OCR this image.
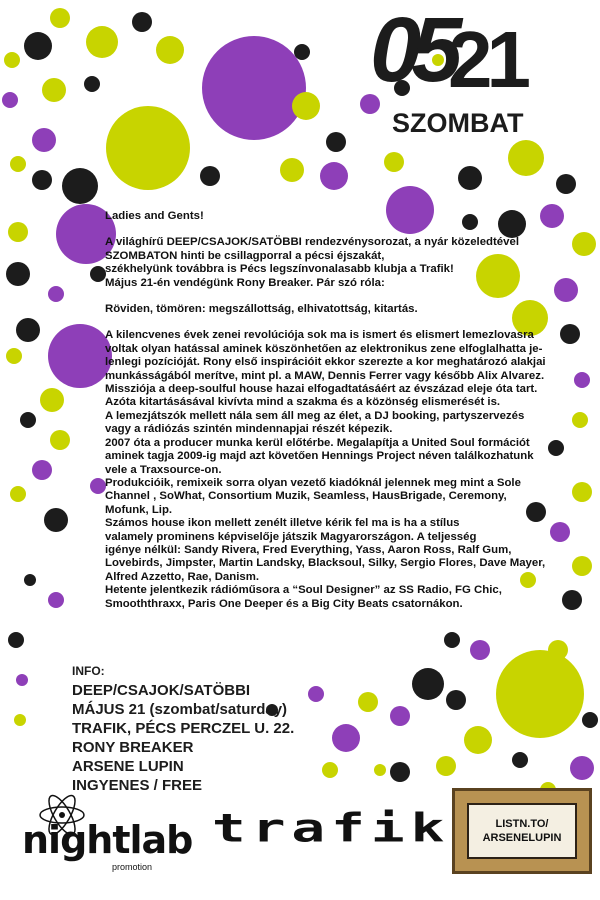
05
21
SZOMBAT

Ladies and Gents!

A világhírű DEEP/CSAJOK/SATÖBBI rendezvénysorozat, a nyár közeledtével
SZOMBATON hinti be csillagporral a pécsi éjszakát,
székhelyünk továbbra is Pécs legszínvonalasabb klubja a Trafik!
Május 21-én vendégünk Rony Breaker. Pár szó róla:

Röviden, tömören: megszállottság, elhivatottság, kitartás.

A kilencvenes évek zenei revolúciója sok ma is ismert és elismert lemezlovasra
voltak olyan hatással aminek köszönhetően az elektronikus zene elfoglalhatta je-
lenlegi pozícióját. Rony első inspirációit ekkor szerezte a kor meghatározó alakjai
munkásságából merítve, mint pl. a MAW, Dennis Ferrer vagy később Alix Alvarez.
Missziója a deep-soulful house hazai elfogadtatásáért az évszázad eleje óta tart.
Azóta kitartásásával kivívta mind a szakma és a közönség elismerését is.
A lemezjátszók mellett nála sem áll meg az élet, a DJ booking, partyszervezés
vagy a rádiózás szintén mindennapjai részét képezik.
2007 óta a producer munka kerül előtérbe. Megalapítja a United Soul formációt
aminek tagja 2009-ig majd azt követően Hennings Project néven találkozhatunk
vele a Traxsource-on.
Produkcióik, remixeik sorra olyan vezető kiadóknál jelennek meg mint a Sole
Channel , SoWhat, Consortium Muzik, Seamless, HausBrigade, Ceremony,
Mofunk, Lip.
Számos house ikon mellett zenélt illetve kérik fel ma is ha a stílus
valamely prominens képviselője játszik Magyarországon. A teljesség
igénye nélkül: Sandy Rivera, Fred Everything, Yass, Aaron Ross, Ralf Gum,
Lovebirds, Jimpster, Martin Landsky, Blacksoul, Silky, Sergio Flores, Dave Mayer,
Alfred Azzetto, Rae, Danism.
Hetente jelentkezik rádióműsora a “Soul Designer” az SS Radio, FG Chic,
Smooththraxx, Paris One Deeper és a Big City Beats csatornákon.

INFO:
DEEP/CSAJOK/SATÖBBI
MÁJUS 21 (szombat/saturday)
TRAFIK, PÉCS PERCZEL U. 22.
RONY BREAKER
ARSENE LUPIN
INGYENES / FREE
nightlab
promotion
trafik	LISTN.TO/
ARSENELUPIN
